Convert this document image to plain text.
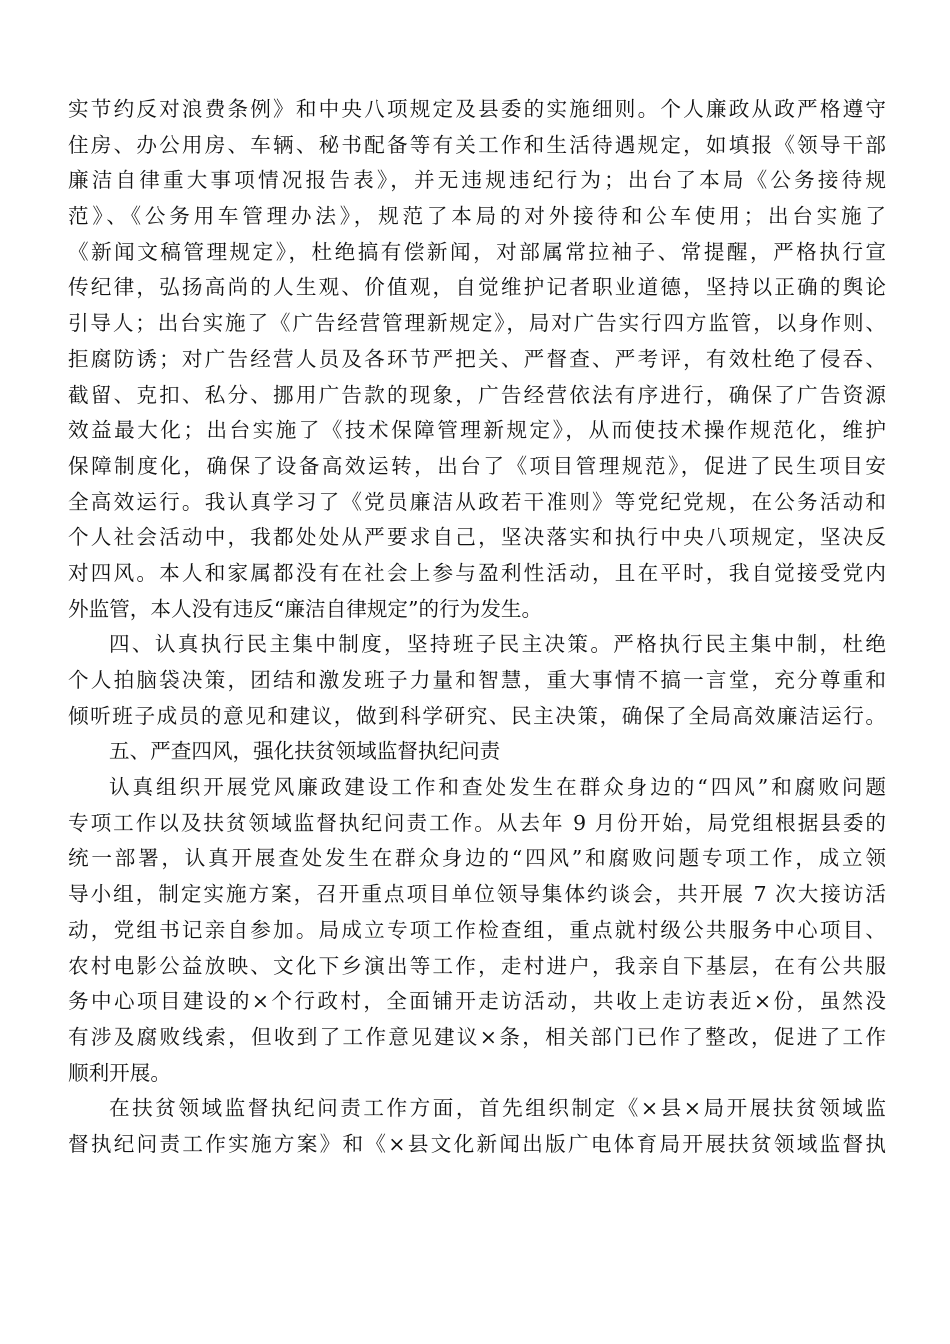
实节约反对浪费条例》和中央八项规定及县委的实施细则。个人廉政从政严格遵守
住房、办公用房、车辆、秘书配备等有关工作和生活待遇规定，如填报《领导干部
廉洁自律重大事项情况报告表》，并无违规违纪行为；出台了本局《公务接待规
范》、《公务用车管理办法》，规范了本局的对外接待和公车使用；出台实施了
《新闻文稿管理规定》，杜绝搞有偿新闻，对部属常拉袖子、常提醒，严格执行宣
传纪律，弘扬高尚的人生观、价值观，自觉维护记者职业道德，坚持以正确的舆论
引导人；出台实施了《广告经营管理新规定》，局对广告实行四方监管，以身作则、
拒腐防诱；对广告经营人员及各环节严把关、严督查、严考评，有效杜绝了侵吞、
截留、克扣、私分、挪用广告款的现象，广告经营依法有序进行，确保了广告资源
效益最大化；出台实施了《技术保障管理新规定》，从而使技术操作规范化，维护
保障制度化，确保了设备高效运转，出台了《项目管理规范》，促进了民生项目安
全高效运行。我认真学习了《党员廉洁从政若干准则》等党纪党规，在公务活动和
个人社会活动中，我都处处从严要求自己，坚决落实和执行中央八项规定，坚决反
对四风。本人和家属都没有在社会上参与盈利性活动，且在平时，我自觉接受党内
外监管，本人没有违反“廉洁自律规定”的行为发生。
四、认真执行民主集中制度，坚持班子民主决策。严格执行民主集中制，杜绝
个人拍脑袋决策，团结和激发班子力量和智慧，重大事情不搞一言堂，充分尊重和
倾听班子成员的意见和建议，做到科学研究、民主决策，确保了全局高效廉洁运行。
五、严查四风，强化扶贫领域监督执纪问责
认真组织开展党风廉政建设工作和查处发生在群众身边的“四风”和腐败问题
专项工作以及扶贫领域监督执纪问责工作。从去年 9 月份开始，局党组根据县委的
统一部署，认真开展查处发生在群众身边的“四风”和腐败问题专项工作，成立领
导小组，制定实施方案，召开重点项目单位领导集体约谈会，共开展 7 次大接访活
动，党组书记亲自参加。局成立专项工作检查组，重点就村级公共服务中心项目、
农村电影公益放映、文化下乡演出等工作，走村进户，我亲自下基层，在有公共服
务中心项目建设的×个行政村，全面铺开走访活动，共收上走访表近×份，虽然没
有涉及腐败线索，但收到了工作意见建议×条，相关部门已作了整改，促进了工作
顺利开展。
在扶贫领域监督执纪问责工作方面，首先组织制定《×县×局开展扶贫领域监
督执纪问责工作实施方案》和《×县文化新闻出版广电体育局开展扶贫领域监督执
